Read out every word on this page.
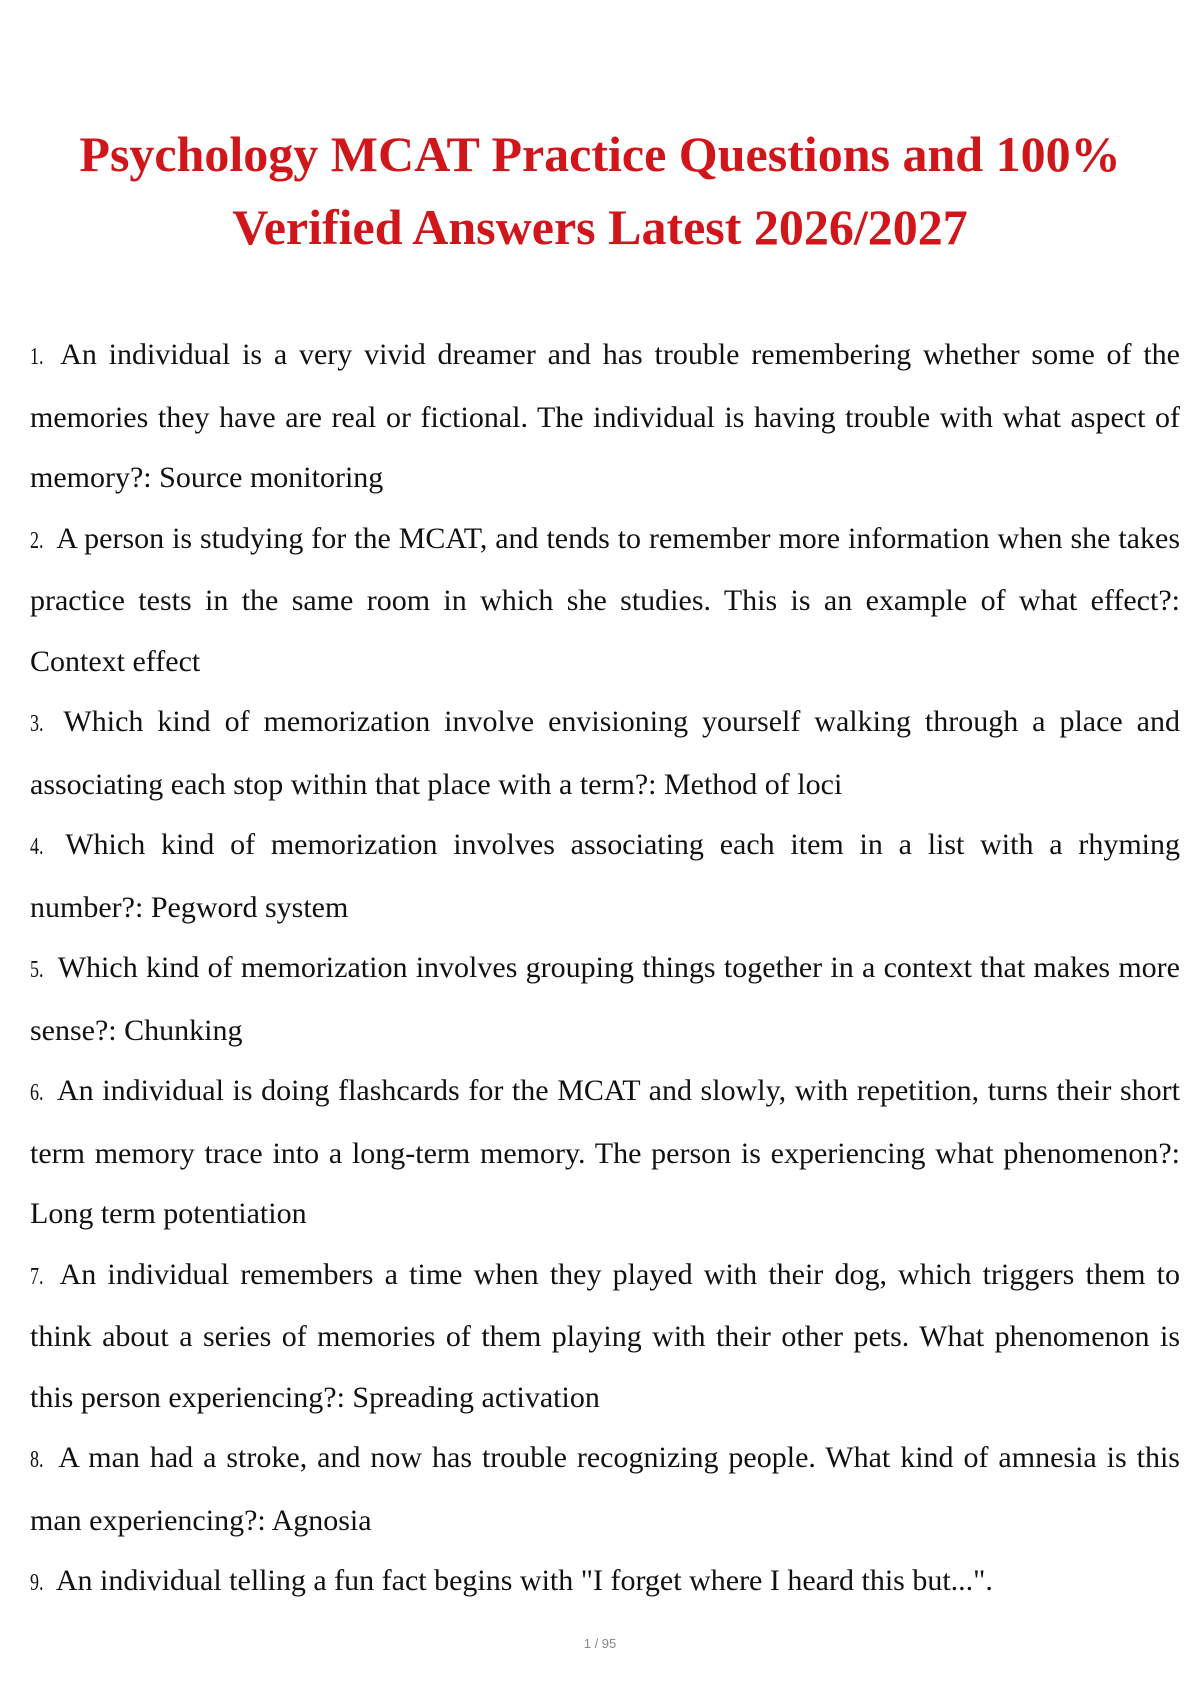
Psychology MCAT Practice Questions and 100%
Verified Answers Latest 2026/2027
1. An individual is a very vivid dreamer and has trouble remembering whether some of the memories they have are real or fictional. The individual is having trouble with what aspect of memory?: Source monitoring
2. A person is studying for the MCAT, and tends to remember more information when she takes practice tests in the same room in which she studies. This is an example of what effect?: Context effect
3. Which kind of memorization involve envisioning yourself walking through a place and associating each stop within that place with a term?: Method of loci
4. Which kind of memorization involves associating each item in a list with a rhyming number?: Pegword system
5. Which kind of memorization involves grouping things together in a context that makes more sense?: Chunking
6. An individual is doing flashcards for the MCAT and slowly, with repetition, turns their short term memory trace into a long-term memory. The person is experiencing what phenomenon?: Long term potentiation
7. An individual remembers a time when they played with their dog, which triggers them to think about a series of memories of them playing with their other pets. What phenomenon is this person experiencing?: Spreading activation
8. A man had a stroke, and now has trouble recognizing people. What kind of amnesia is this man experiencing?: Agnosia
9. An individual telling a fun fact begins with "I forget where I heard this but...".
1 / 95
